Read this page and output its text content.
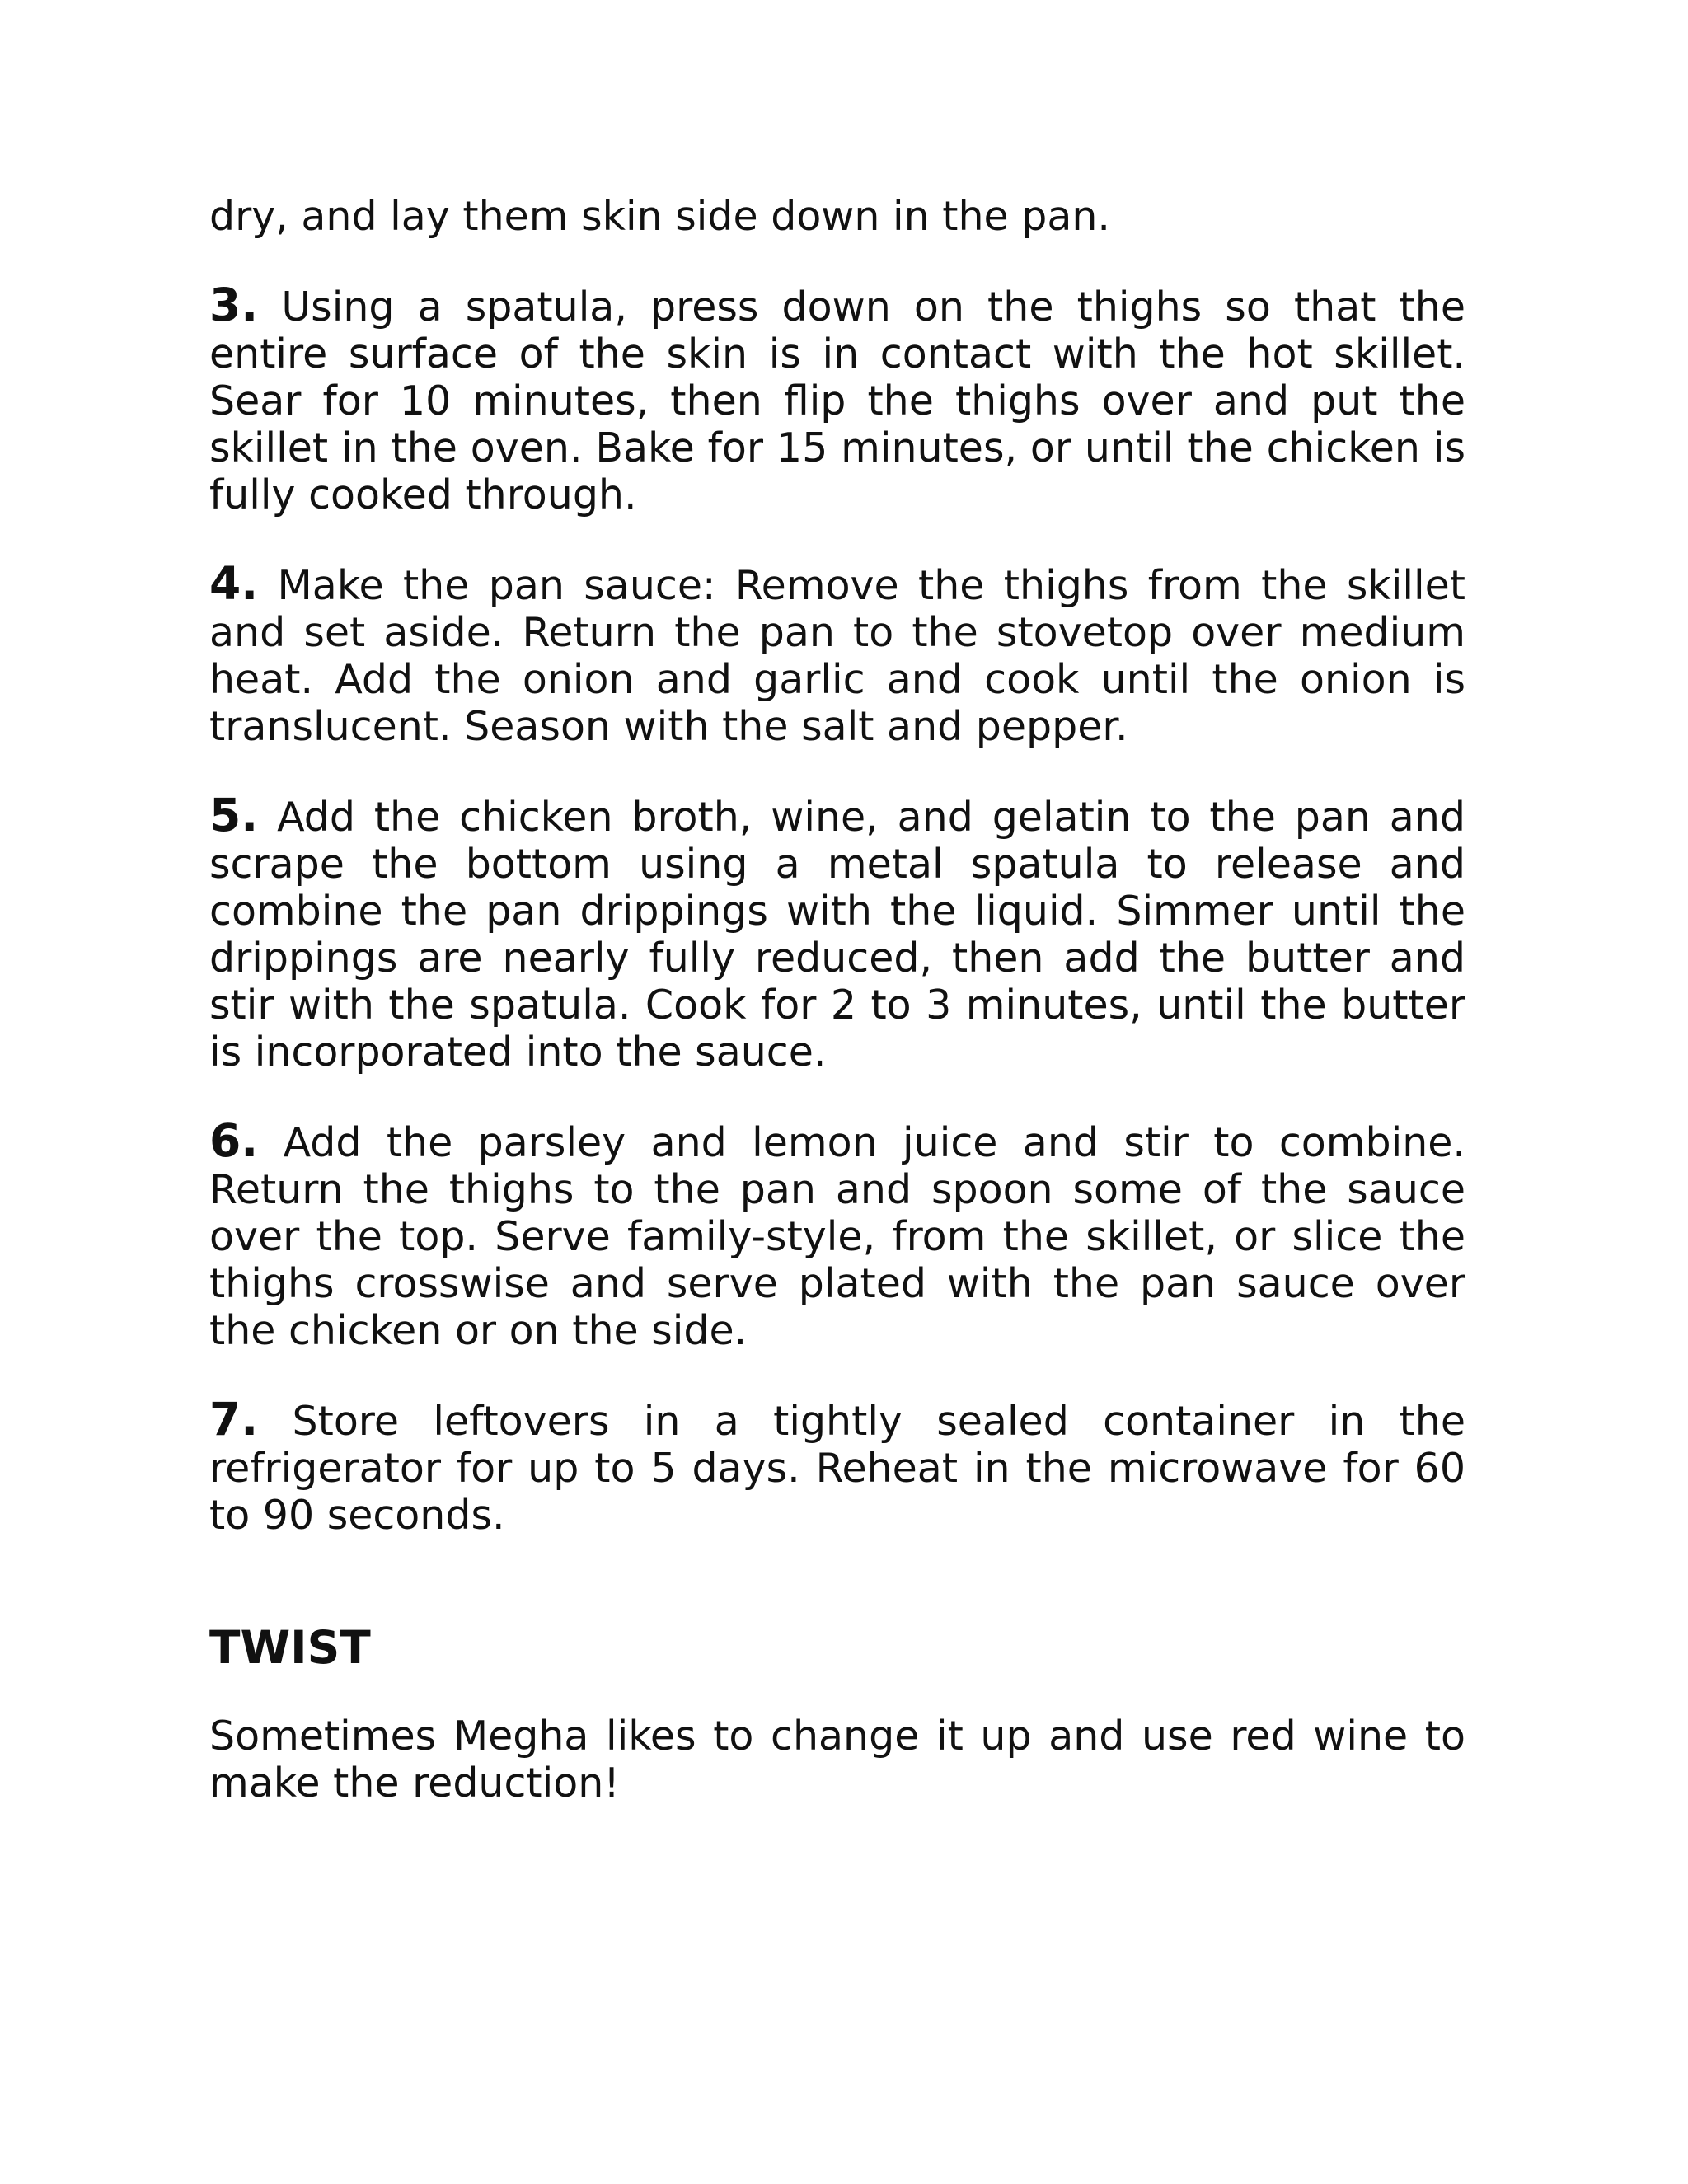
dry, and lay them skin side down in the pan.

3. Using a spatula, press down on the thighs so that the entire surface of the skin is in contact with the hot skillet. Sear for 10 minutes, then flip the thighs over and put the skillet in the oven. Bake for 15 minutes, or until the chicken is fully cooked through.

4. Make the pan sauce: Remove the thighs from the skillet and set aside. Return the pan to the stovetop over medium heat. Add the onion and garlic and cook until the onion is translucent. Season with the salt and pepper.

5. Add the chicken broth, wine, and gelatin to the pan and scrape the bottom using a metal spatula to release and combine the pan drippings with the liquid. Simmer until the drippings are nearly fully reduced, then add the butter and stir with the spatula. Cook for 2 to 3 minutes, until the butter is incorporated into the sauce.

6. Add the parsley and lemon juice and stir to combine. Return the thighs to the pan and spoon some of the sauce over the top. Serve family-style, from the skillet, or slice the thighs crosswise and serve plated with the pan sauce over the chicken or on the side.

7. Store leftovers in a tightly sealed container in the refrigerator for up to 5 days. Reheat in the microwave for 60 to 90 seconds.

TWIST

Sometimes Megha likes to change it up and use red wine to make the reduction!
